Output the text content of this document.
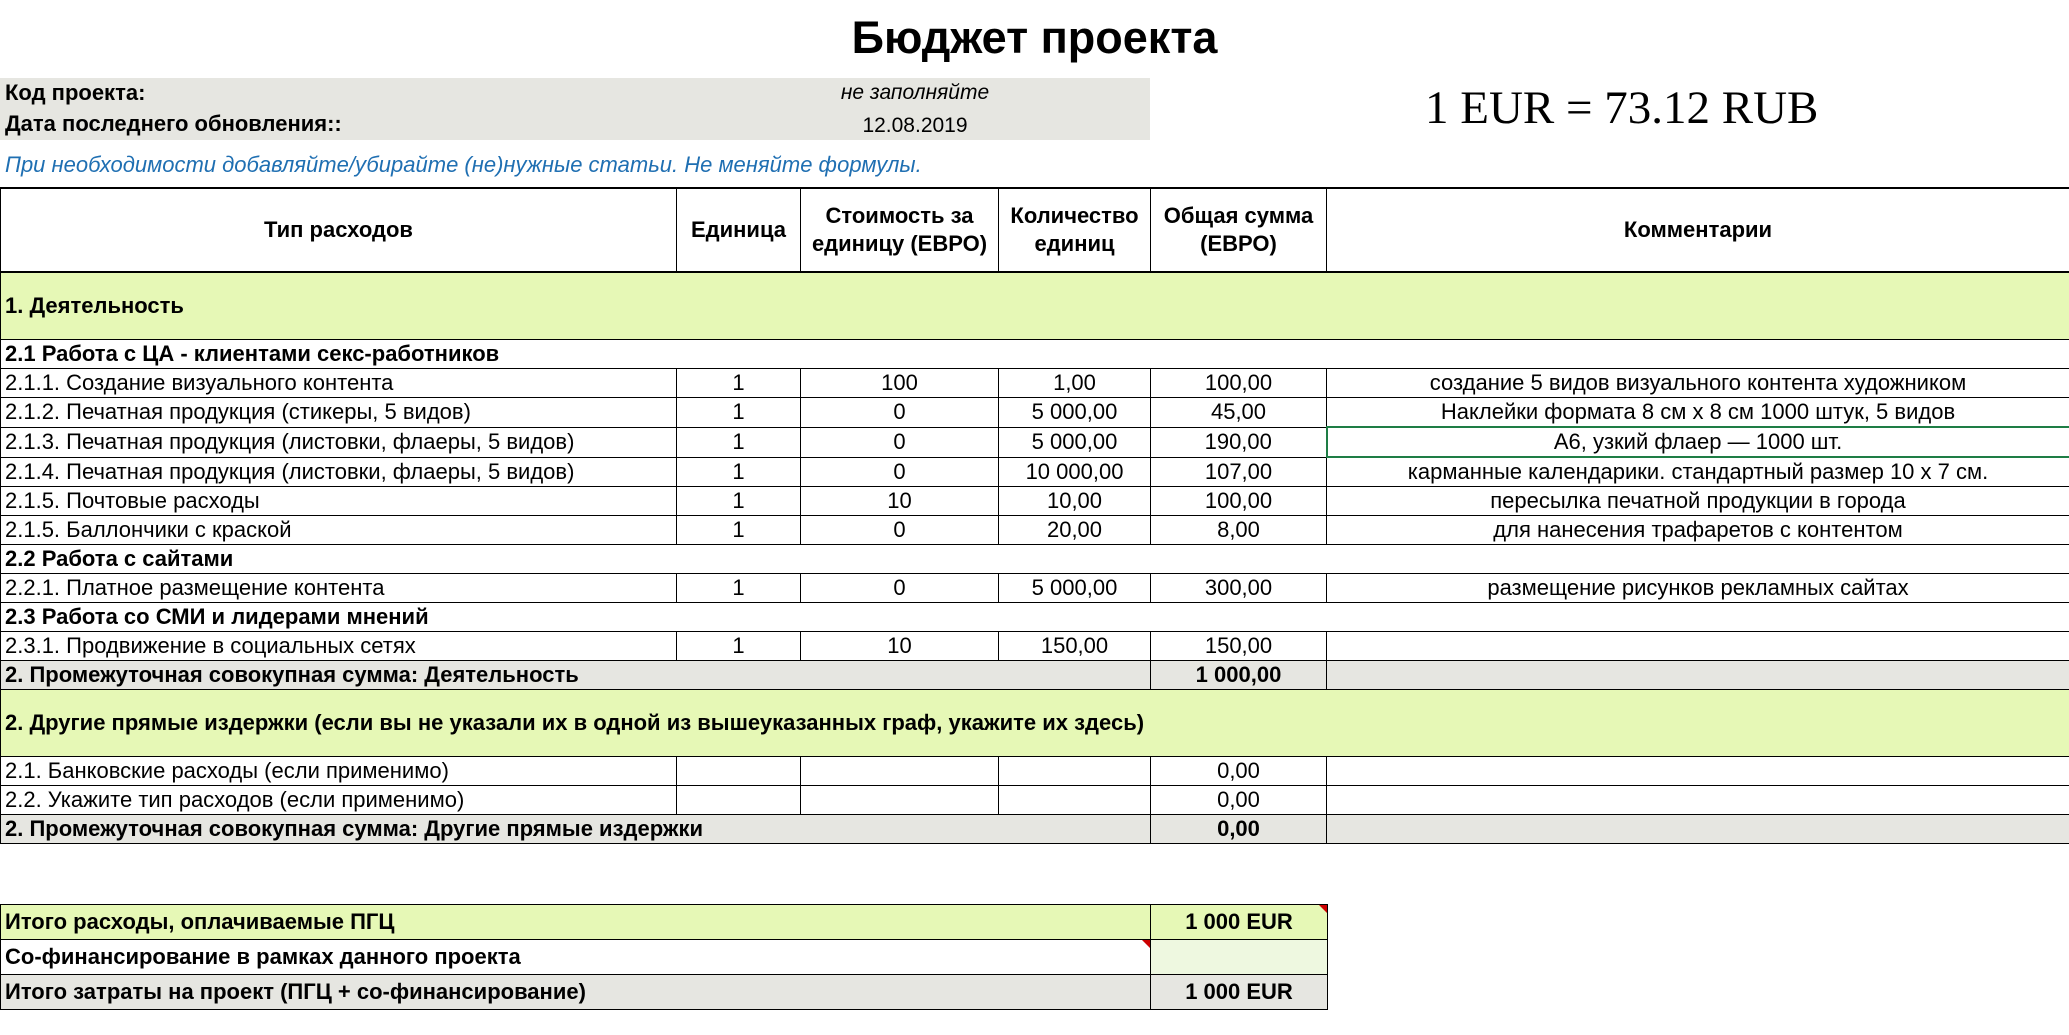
Бюджет проекта
Код проекта:	не заполняйте
Дата последнего обновления::	12.08.2019	1 EUR = 73.12 RUB
При необходимости добавляйте/убирайте (не)нужные статьи. Не меняйте формулы.
Тип расходов	Единица	Стоимость за единицу (ЕВРО)	Количество единиц	Общая сумма (ЕВРО)	Комментарии
1. Деятельность					
2.1 Работа с ЦА - клиентами секс-работников					
2.1.1. Создание визуального контента	1	100	1,00	100,00	создание 5 видов визуального контента художником
2.1.2. Печатная продукция (стикеры, 5 видов)	1	0	5 000,00	45,00	Наклейки формата 8 см х 8 см 1000 штук, 5 видов
2.1.3. Печатная продукция (листовки, флаеры, 5 видов)	1	0	5 000,00	190,00	А6, узкий флаер — 1000 шт.
2.1.4. Печатная продукция (листовки, флаеры, 5 видов)	1	0	10 000,00	107,00	карманные календарики. стандартный размер 10 х 7 см.
2.1.5. Почтовые расходы	1	10	10,00	100,00	пересылка печатной продукции в города
2.1.5. Баллончики с краской	1	0	20,00	8,00	для нанесения трафаретов с контентом
2.2 Работа с сайтами					
2.2.1. Платное размещение контента	1	0	5 000,00	300,00	размещение рисунков рекламных сайтах
2.3 Работа со СМИ и лидерами мнений					
2.3.1. Продвижение в социальных сетях	1	10	150,00	150,00	
2. Промежуточная совокупная сумма: Деятельность				1 000,00	
2. Другие прямые издержки (если вы не указали их в одной из вышеуказанных граф, укажите их здесь)					
2.1. Банковские расходы (если применимо)				0,00	
2.2. Укажите тип расходов (если применимо)				0,00	
2. Промежуточная совокупная сумма: Другие прямые издержки				0,00	
Итого расходы, оплачиваемые ПГЦ	1 000 EUR
Со-финансирование в рамках данного проекта	
Итого затраты на проект (ПГЦ + со-финансирование)	1 000 EUR
